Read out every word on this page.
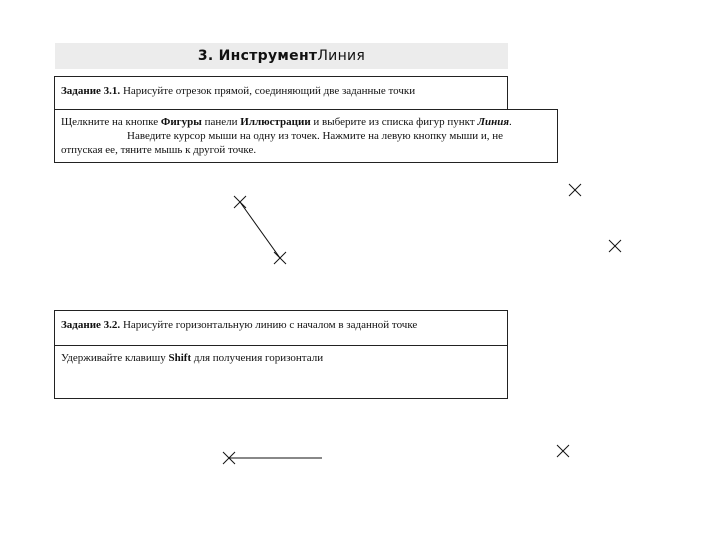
3. Инструмент Линия
Задание 3.1. Нарисуйте отрезок прямой, соединяющий две заданные точки
Щелкните на кнопке Фигуры панели Иллюстрации и выберите из списка фигур пункт Линия.
Наведите курсор мыши на одну из точек. Нажмите на левую кнопку мыши и, не
отпуская ее, тяните мышь к другой точке.
Задание 3.2. Нарисуйте горизонтальную линию с началом в заданной точке
Удерживайте клавишу Shift для получения горизонтали
